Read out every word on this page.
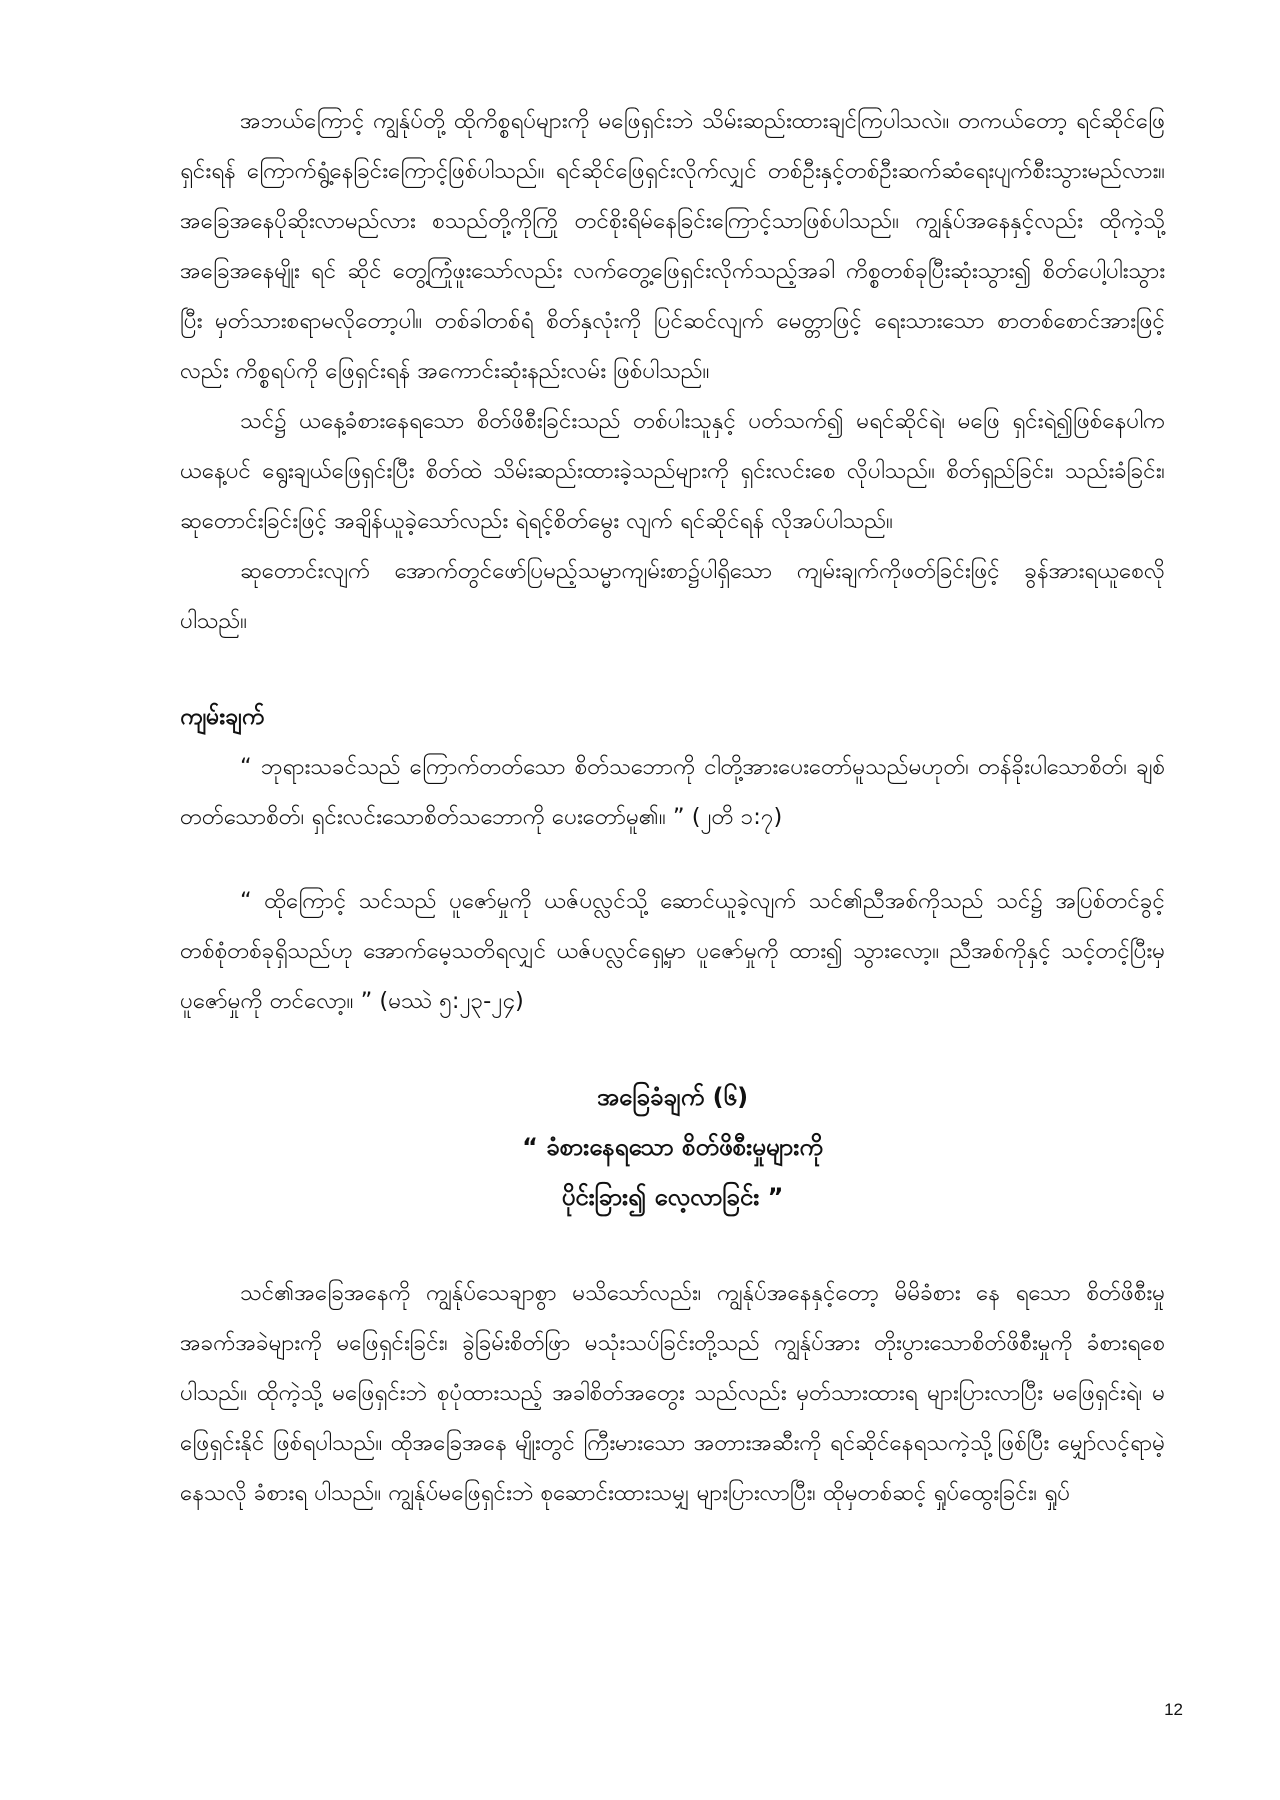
အဘယ်ကြောင့် ကျွန်ုပ်တို့ ထိုကိစ္စရပ်များကို မဖြေရှင်းဘဲ သိမ်းဆည်းထားချင်ကြပါသလဲ။ တကယ်တော့ ရင်ဆိုင်ဖြေရှင်းရန် ကြောက်ရွံ့နေခြင်းကြောင့်ဖြစ်ပါသည်။ ရင်ဆိုင်ဖြေရှင်းလိုက်လျှင် တစ်ဦးနှင့်တစ်ဦးဆက်ဆံရေးပျက်စီးသွားမည်လား။ အခြေအနေပိုဆိုးလာမည်လား စသည်တို့ကိုကြို တင်စိုးရိမ်နေခြင်းကြောင့်သာဖြစ်ပါသည်။ ကျွန်ုပ်အနေနှင့်လည်း ထိုကဲ့သို့အခြေအနေမျိုး ရင် ဆိုင် တွေ့ကြုံဖူးသော်လည်း လက်တွေ့ဖြေရှင်းလိုက်သည့်အခါ ကိစ္စတစ်ခုပြီးဆုံးသွား၍ စိတ်ပေါ့ပါးသွား ပြီး မှတ်သားစရာမလိုတော့ပါ။ တစ်ခါတစ်ရံ စိတ်နှလုံးကို ပြင်ဆင်လျက် မေတ္တာဖြင့် ရေးသားသော စာတစ်စောင်အားဖြင့်လည်း ကိစ္စရပ်ကို ဖြေရှင်းရန် အကောင်းဆုံးနည်းလမ်း ဖြစ်ပါသည်။

သင်၌ ယနေ့ခံစားနေရသော စိတ်ဖိစီးခြင်းသည် တစ်ပါးသူနှင့် ပတ်သက်၍ မရင်ဆိုင်ရဲ၊ မဖြေ ရှင်းရဲ၍ဖြစ်နေပါက ယနေ့ပင် ရွေးချယ်ဖြေရှင်းပြီး စိတ်ထဲ သိမ်းဆည်းထားခဲ့သည်များကို ရှင်းလင်းစေ လိုပါသည်။ စိတ်ရှည်ခြင်း၊ သည်းခံခြင်း၊ ဆုတောင်းခြင်းဖြင့် အချိန်ယူခဲ့သော်လည်း ရဲရင့်စိတ်မွေး လျက် ရင်ဆိုင်ရန် လိုအပ်ပါသည်။

ဆုတောင်းလျက် အောက်တွင်ဖော်ပြမည့်သမ္မာကျမ်းစာ၌ပါရှိသော ကျမ်းချက်ကိုဖတ်ခြင်းဖြင့် ခွန်အားရယူစေလိုပါသည်။

ကျမ်းချက်

“ ဘုရားသခင်သည် ကြောက်တတ်သော စိတ်သဘောကို ငါတို့အားပေးတော်မူသည်မဟုတ်၊ တန်ခိုးပါသောစိတ်၊ ချစ်တတ်သောစိတ်၊ ရှင်းလင်းသောစိတ်သဘောကို ပေးတော်မူ၏။ ” (၂တိ ၁:၇)

“ ထိုကြောင့် သင်သည် ပူဇော်မှုကို ယဇ်ပလ္လင်သို့ ဆောင်ယူခဲ့လျက် သင်၏ညီအစ်ကိုသည် သင်၌ အပြစ်တင်ခွင့် တစ်စုံတစ်ခုရှိသည်ဟု အောက်မေ့သတိရလျှင် ယဇ်ပလ္လင်ရှေ့မှာ ပူဇော်မှုကို ထား၍ သွားလော့။ ညီအစ်ကိုနှင့် သင့်တင့်ပြီးမှ ပူဇော်မှုကို တင်လော့။ ” (မဿဲ ၅:၂၃-၂၄)

အခြေခံချက် (၆)

“ ခံစားနေရသော စိတ်ဖိစီးမှုများကို

ပိုင်းခြား၍ လေ့လာခြင်း ”

သင်၏အခြေအနေကို ကျွန်ုပ်သေချာစွာ မသိသော်လည်း၊ ကျွန်ုပ်အနေနှင့်တော့ မိမိခံစား နေ ရသော စိတ်ဖိစီးမှုအခက်အခဲများကို မဖြေရှင်းခြင်း၊ ခွဲခြမ်းစိတ်ဖြာ မသုံးသပ်ခြင်းတို့သည် ကျွန်ုပ်အား တိုးပွားသောစိတ်ဖိစီးမှုကို ခံစားရစေပါသည်။ ထိုကဲ့သို့ မဖြေရှင်းဘဲ စုပုံထားသည့် အခါစိတ်အတွေး သည်လည်း မှတ်သားထားရ များပြားလာပြီး မဖြေရှင်းရဲ၊ မဖြေရှင်းနိုင် ဖြစ်ရပါသည်။ ထိုအခြေအနေ မျိုးတွင် ကြီးမားသော အတားအဆီးကို ရင်ဆိုင်နေရသကဲ့သို့ဖြစ်ပြီး မျှော်လင့်ရာမဲ့ နေသလို ခံစားရ ပါသည်။ ကျွန်ုပ်မဖြေရှင်းဘဲ စုဆောင်းထားသမျှ များပြားလာပြီး၊ ထိုမှတစ်ဆင့် ရှုပ်ထွေးခြင်း၊ ရှုပ်

12
